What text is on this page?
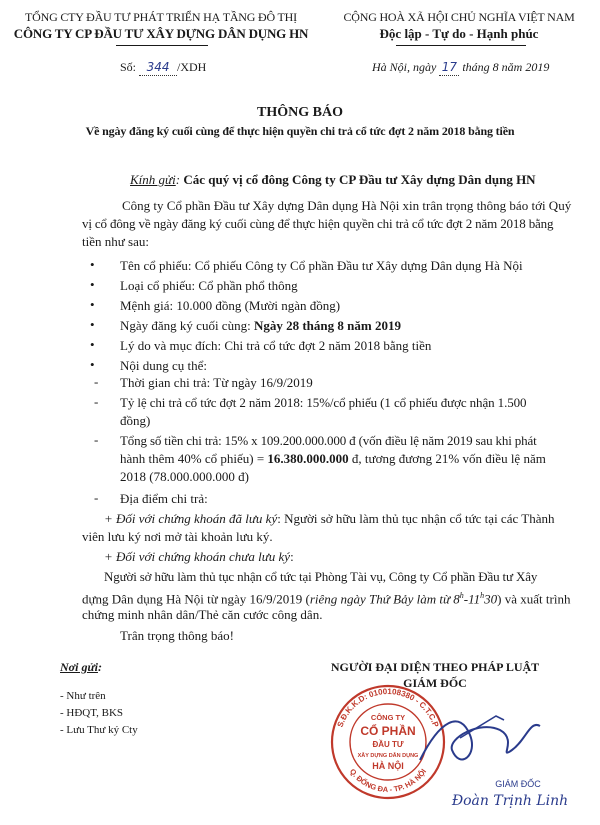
TỔNG CTY ĐẦU TƯ PHÁT TRIỂN HẠ TẦNG ĐÔ THỊ
CÔNG TY CP ĐẦU TƯ XÂY DỰNG DÂN DỤNG HN
Số: 344 /XDH
CỘNG HOÀ XÃ HỘI CHỦ NGHĨA VIỆT NAM
Độc lập - Tự do - Hạnh phúc
Hà Nội, ngày 17 tháng 8 năm 2019
THÔNG BÁO
Về ngày đăng ký cuối cùng để thực hiện quyền chi trả cổ tức đợt 2 năm 2018 bằng tiền
Kính gửi: Các quý vị cổ đông Công ty CP Đầu tư Xây dựng Dân dụng HN
Công ty Cổ phần Đầu tư Xây dựng Dân dụng Hà Nội xin trân trọng thông báo tới Quý
vị cổ đông về ngày đăng ký cuối cùng để thực hiện quyền chi trả cổ tức đợt 2 năm 2018 bằng
tiền như sau:
• Tên cổ phiếu: Cổ phiếu Công ty Cổ phần Đầu tư Xây dựng Dân dụng Hà Nội
• Loại cổ phiếu: Cổ phần phổ thông
• Mệnh giá: 10.000 đồng (Mười ngàn đồng)
• Ngày đăng ký cuối cùng: Ngày 28 tháng 8 năm 2019
• Lý do và mục đích: Chi trả cổ tức đợt 2 năm 2018 bằng tiền
• Nội dung cụ thể:
- Thời gian chi trả: Từ ngày 16/9/2019
- Tỷ lệ chi trả cổ tức đợt 2 năm 2018: 15%/cổ phiếu (1 cổ phiếu được nhận 1.500
đồng)
- Tổng số tiền chi trả: 15% x 109.200.000.000 đ (vốn điều lệ năm 2019 sau khi phát
hành thêm 40% cổ phiếu) = 16.380.000.000 đ, tương đương 21% vốn điều lệ năm
2018 (78.000.000.000 đ)
- Địa điểm chi trả:
+ Đối với chứng khoán đã lưu ký: Người sở hữu làm thủ tục nhận cổ tức tại các Thành
viên lưu ký nơi mở tài khoản lưu ký.
+ Đối với chứng khoán chưa lưu ký:
Người sở hữu làm thủ tục nhận cổ tức tại Phòng Tài vụ, Công ty Cổ phần Đầu tư Xây
dựng Dân dụng Hà Nội từ ngày 16/9/2019 (riêng ngày Thứ Bảy làm từ 8$^h$-11$^h$30) và xuất trình
chứng minh nhân dân/Thẻ căn cước công dân.
Trân trọng thông báo!
Nơi gửi:
- Như trên
- HĐQT, BKS
- Lưu Thư ký Cty
NGƯỜI ĐẠI DIỆN THEO PHÁP LUẬT
GIÁM ĐỐC
S.Đ.K.K.D: 0100108380 - C.T.C.P
Q. ĐỐNG ĐA - TP. HÀ NỘI
CÔNG TY
CỔ PHẦN
ĐẦU TƯ
XÂY DỰNG DÂN DỤNG
HÀ NỘI
GIÁM ĐỐC
Đoàn Trịnh Linh
